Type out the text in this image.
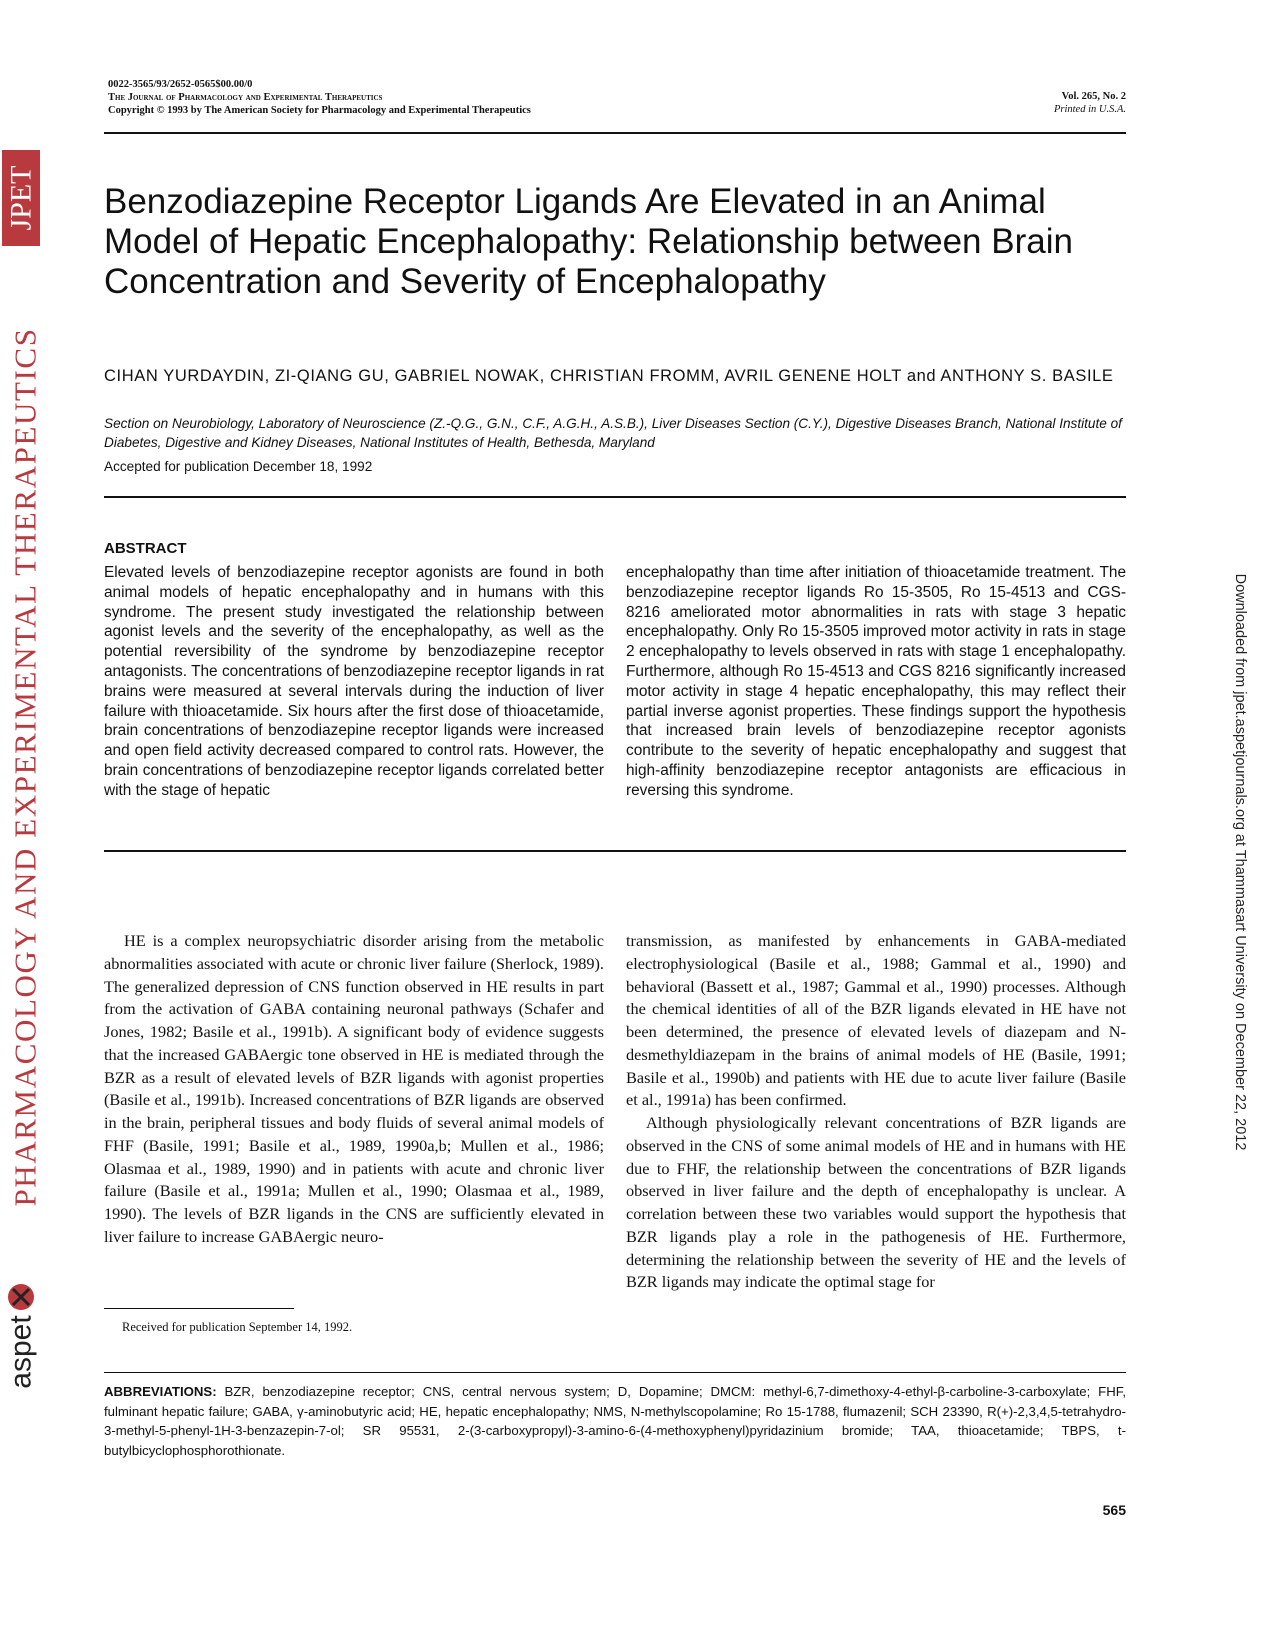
JPET
PHARMACOLOGY AND EXPERIMENTAL THERAPEUTICS
aspet
Downloaded from jpet.aspetjournals.org at Thammasart University on December 22, 2012
0022-3565/93/2652-0565$00.00/0
The Journal of Pharmacology and Experimental Therapeutics
Copyright © 1993 by The American Society for Pharmacology and Experimental Therapeutics
Vol. 265, No. 2
Printed in U.S.A.
Benzodiazepine Receptor Ligands Are Elevated in an Animal Model of Hepatic Encephalopathy: Relationship between Brain Concentration and Severity of Encephalopathy

CIHAN YURDAYDIN, ZI-QIANG GU, GABRIEL NOWAK, CHRISTIAN FROMM, AVRIL GENENE HOLT and ANTHONY S. BASILE

Section on Neurobiology, Laboratory of Neuroscience (Z.-Q.G., G.N., C.F., A.G.H., A.S.B.), Liver Diseases Section (C.Y.), Digestive Diseases Branch, National Institute of Diabetes, Digestive and Kidney Diseases, National Institutes of Health, Bethesda, Maryland

Accepted for publication December 18, 1992

ABSTRACT

Elevated levels of benzodiazepine receptor agonists are found in both animal models of hepatic encephalopathy and in humans with this syndrome. The present study investigated the relationship between agonist levels and the severity of the encephalopathy, as well as the potential reversibility of the syndrome by benzodiazepine receptor antagonists. The concentrations of benzodiazepine receptor ligands in rat brains were measured at several intervals during the induction of liver failure with thioacetamide. Six hours after the first dose of thioacetamide, brain concentrations of benzodiazepine receptor ligands were increased and open field activity decreased compared to control rats. However, the brain concentrations of benzodiazepine receptor ligands correlated better with the stage of hepatic

encephalopathy than time after initiation of thioacetamide treatment. The benzodiazepine receptor ligands Ro 15-3505, Ro 15-4513 and CGS-8216 ameliorated motor abnormalities in rats with stage 3 hepatic encephalopathy. Only Ro 15-3505 improved motor activity in rats in stage 2 encephalopathy to levels observed in rats with stage 1 encephalopathy. Furthermore, although Ro 15-4513 and CGS 8216 significantly increased motor activity in stage 4 hepatic encephalopathy, this may reflect their partial inverse agonist properties. These findings support the hypothesis that increased brain levels of benzodiazepine receptor agonists contribute to the severity of hepatic encephalopathy and suggest that high-affinity benzodiazepine receptor antagonists are efficacious in reversing this syndrome.

HE is a complex neuropsychiatric disorder arising from the metabolic abnormalities associated with acute or chronic liver failure (Sherlock, 1989). The generalized depression of CNS function observed in HE results in part from the activation of GABA containing neuronal pathways (Schafer and Jones, 1982; Basile et al., 1991b). A significant body of evidence suggests that the increased GABAergic tone observed in HE is mediated through the BZR as a result of elevated levels of BZR ligands with agonist properties (Basile et al., 1991b). Increased concentrations of BZR ligands are observed in the brain, peripheral tissues and body fluids of several animal models of FHF (Basile, 1991; Basile et al., 1989, 1990a,b; Mullen et al., 1986; Olasmaa et al., 1989, 1990) and in patients with acute and chronic liver failure (Basile et al., 1991a; Mullen et al., 1990; Olasmaa et al., 1989, 1990). The levels of BZR ligands in the CNS are sufficiently elevated in liver failure to increase GABAergic neuro-

transmission, as manifested by enhancements in GABA-mediated electrophysiological (Basile et al., 1988; Gammal et al., 1990) and behavioral (Bassett et al., 1987; Gammal et al., 1990) processes. Although the chemical identities of all of the BZR ligands elevated in HE have not been determined, the presence of elevated levels of diazepam and N-desmethyldiazepam in the brains of animal models of HE (Basile, 1991; Basile et al., 1990b) and patients with HE due to acute liver failure (Basile et al., 1991a) has been confirmed.

Although physiologically relevant concentrations of BZR ligands are observed in the CNS of some animal models of HE and in humans with HE due to FHF, the relationship between the concentrations of BZR ligands observed in liver failure and the depth of encephalopathy is unclear. A correlation between these two variables would support the hypothesis that BZR ligands play a role in the pathogenesis of HE. Furthermore, determining the relationship between the severity of HE and the levels of BZR ligands may indicate the optimal stage for

Received for publication September 14, 1992.

ABBREVIATIONS: BZR, benzodiazepine receptor; CNS, central nervous system; D, Dopamine; DMCM: methyl-6,7-dimethoxy-4-ethyl-β-carboline-3-carboxylate; FHF, fulminant hepatic failure; GABA, γ-aminobutyric acid; HE, hepatic encephalopathy; NMS, N-methylscopolamine; Ro 15-1788, flumazenil; SCH 23390, R(+)-2,3,4,5-tetrahydro-3-methyl-5-phenyl-1H-3-benzazepin-7-ol; SR 95531, 2-(3-carboxypropyl)-3-amino-6-(4-methoxyphenyl)pyridazinium bromide; TAA, thioacetamide; TBPS, t-butylbicyclophosphorothionate.

565
